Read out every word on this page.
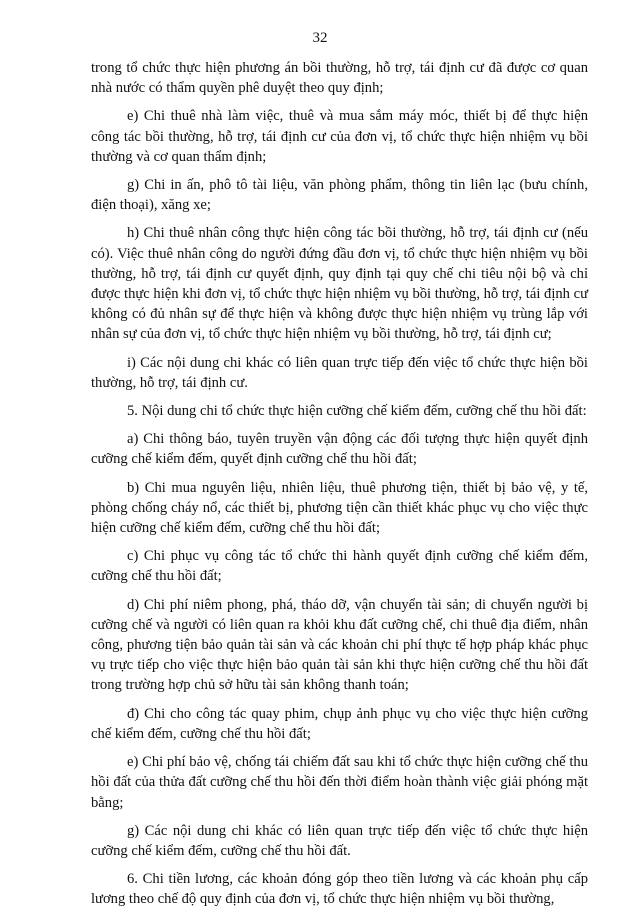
32

trong tổ chức thực hiện phương án bồi thường, hỗ trợ, tái định cư đã được cơ quan nhà nước có thẩm quyền phê duyệt theo quy định;

e) Chi thuê nhà làm việc, thuê và mua sắm máy móc, thiết bị để thực hiện công tác bồi thường, hỗ trợ, tái định cư của đơn vị, tổ chức thực hiện nhiệm vụ bồi thường và cơ quan thẩm định;

g) Chi in ấn, phô tô tài liệu, văn phòng phẩm, thông tin liên lạc (bưu chính, điện thoại), xăng xe;

h) Chi thuê nhân công thực hiện công tác bồi thường, hỗ trợ, tái định cư (nếu có). Việc thuê nhân công do người đứng đầu đơn vị, tổ chức thực hiện nhiệm vụ bồi thường, hỗ trợ, tái định cư quyết định, quy định tại quy chế chi tiêu nội bộ và chỉ được thực hiện khi đơn vị, tổ chức thực hiện nhiệm vụ bồi thường, hỗ trợ, tái định cư không có đủ nhân sự để thực hiện và không được thực hiện nhiệm vụ trùng lắp với nhân sự của đơn vị, tổ chức thực hiện nhiệm vụ bồi thường, hỗ trợ, tái định cư;

i) Các nội dung chi khác có liên quan trực tiếp đến việc tổ chức thực hiện bồi thường, hỗ trợ, tái định cư.

5. Nội dung chi tổ chức thực hiện cưỡng chế kiểm đếm, cưỡng chế thu hồi đất:

a) Chi thông báo, tuyên truyền vận động các đối tượng thực hiện quyết định cưỡng chế kiểm đếm, quyết định cưỡng chế thu hồi đất;

b) Chi mua nguyên liệu, nhiên liệu, thuê phương tiện, thiết bị bảo vệ, y tế, phòng chống cháy nổ, các thiết bị, phương tiện cần thiết khác phục vụ cho việc thực hiện cưỡng chế kiểm đếm, cưỡng chế thu hồi đất;

c) Chi phục vụ công tác tổ chức thi hành quyết định cưỡng chế kiểm đếm, cưỡng chế thu hồi đất;

d) Chi phí niêm phong, phá, tháo dỡ, vận chuyển tài sản; di chuyển người bị cưỡng chế và người có liên quan ra khỏi khu đất cưỡng chế, chi thuê địa điểm, nhân công, phương tiện bảo quản tài sản và các khoản chi phí thực tế hợp pháp khác phục vụ trực tiếp cho việc thực hiện bảo quản tài sản khi thực hiện cưỡng chế thu hồi đất trong trường hợp chủ sở hữu tài sản không thanh toán;

đ) Chi cho công tác quay phim, chụp ảnh phục vụ cho việc thực hiện cưỡng chế kiểm đếm, cưỡng chế thu hồi đất;

e) Chi phí bảo vệ, chống tái chiếm đất sau khi tổ chức thực hiện cưỡng chế thu hồi đất của thửa đất cưỡng chế thu hồi đến thời điểm hoàn thành việc giải phóng mặt bằng;

g) Các nội dung chi khác có liên quan trực tiếp đến việc tổ chức thực hiện cưỡng chế kiểm đếm, cưỡng chế thu hồi đất.

6. Chi tiền lương, các khoản đóng góp theo tiền lương và các khoản phụ cấp lương theo chế độ quy định của đơn vị, tổ chức thực hiện nhiệm vụ bồi thường,
